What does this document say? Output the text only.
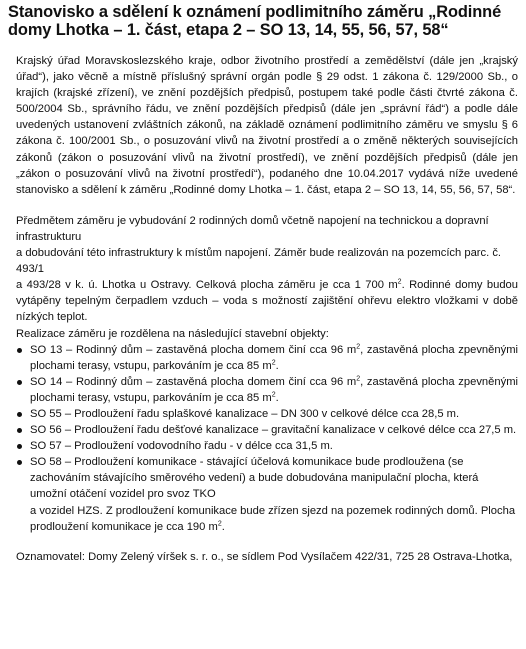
Stanovisko a sdělení k oznámení podlimitního záměru „Rodinné domy Lhotka – 1. část, etapa 2 – SO 13, 14, 55, 56, 57, 58“

Krajský úřad Moravskoslezského kraje, odbor životního prostředí a zemědělství (dále jen „krajský úřad“), jako věcně a místně příslušný správní orgán podle § 29 odst. 1 zákona č. 129/2000 Sb., o krajích (krajské zřízení), ve znění pozdějších předpisů, postupem také podle části čtvrté zákona č. 500/2004 Sb., správního řádu, ve znění pozdějších předpisů (dále jen „správní řád“) a podle dále uvedených ustanovení zvláštních zákonů, na základě oznámení podlimitního záměru ve smyslu § 6 zákona č. 100/2001 Sb., o posuzování vlivů na životní prostředí a o změně některých souvisejících zákonů (zákon o posuzování vlivů na životní prostředí), ve znění pozdějších předpisů (dále jen „zákon o posuzování vlivů na životní prostředí“), podaného dne 10.04.2017 vydává níže uvedené stanovisko a sdělení k záměru „Rodinné domy Lhotka – 1. část, etapa 2 – SO 13, 14, 55, 56, 57, 58“.

Předmětem záměru je vybudování 2 rodinných domů včetně napojení na technickou a dopravní infrastrukturu

a dobudování této infrastruktury k místům napojení. Záměr bude realizován na pozemcích parc. č. 493/1

a 493/28 v k. ú. Lhotka u Ostravy. Celková plocha záměru je cca 1 700 $m^2$. Rodinné domy budou vytápěny tepelným čerpadlem vzduch – voda s možností zajištění ohřevu elektro vložkami v době nízkých teplot.

Realizace záměru je rozdělena na následující stavební objekty:

SO 13 – Rodinný dům – zastavěná plocha domem činí cca 96 $m^2$, zastavěná plocha zpevněnými plochami terasy, vstupu, parkováním je cca 85 $m^2$.
SO 14 – Rodinný dům – zastavěná plocha domem činí cca 96 $m^2$, zastavěná plocha zpevněnými plochami terasy, vstupu, parkováním je cca 85 $m^2$.
SO 55 – Prodloužení řadu splaškové kanalizace – DN 300 v celkové délce cca 28,5 m.
SO 56 – Prodloužení řadu dešťové kanalizace – gravitační kanalizace v celkové délce cca 27,5 m.
SO 57 – Prodloužení vodovodního řadu - v délce cca 31,5 m.
SO 58 – Prodloužení komunikace - stávající účelová komunikace bude prodloužena (se zachováním stávajícího směrového vedení) a bude dobudována manipulační plocha, která umožní otáčení vozidel pro svoz TKO
a vozidel HZS. Z prodloužení komunikace bude zřízen sjezd na pozemek rodinných domů. Plocha prodloužení komunikace je cca 190 $m^2$.

Oznamovatel: Domy Zelený víršek s. r. o., se sídlem Pod Vysílačem 422/31, 725 28 Ostrava-Lhotka,
